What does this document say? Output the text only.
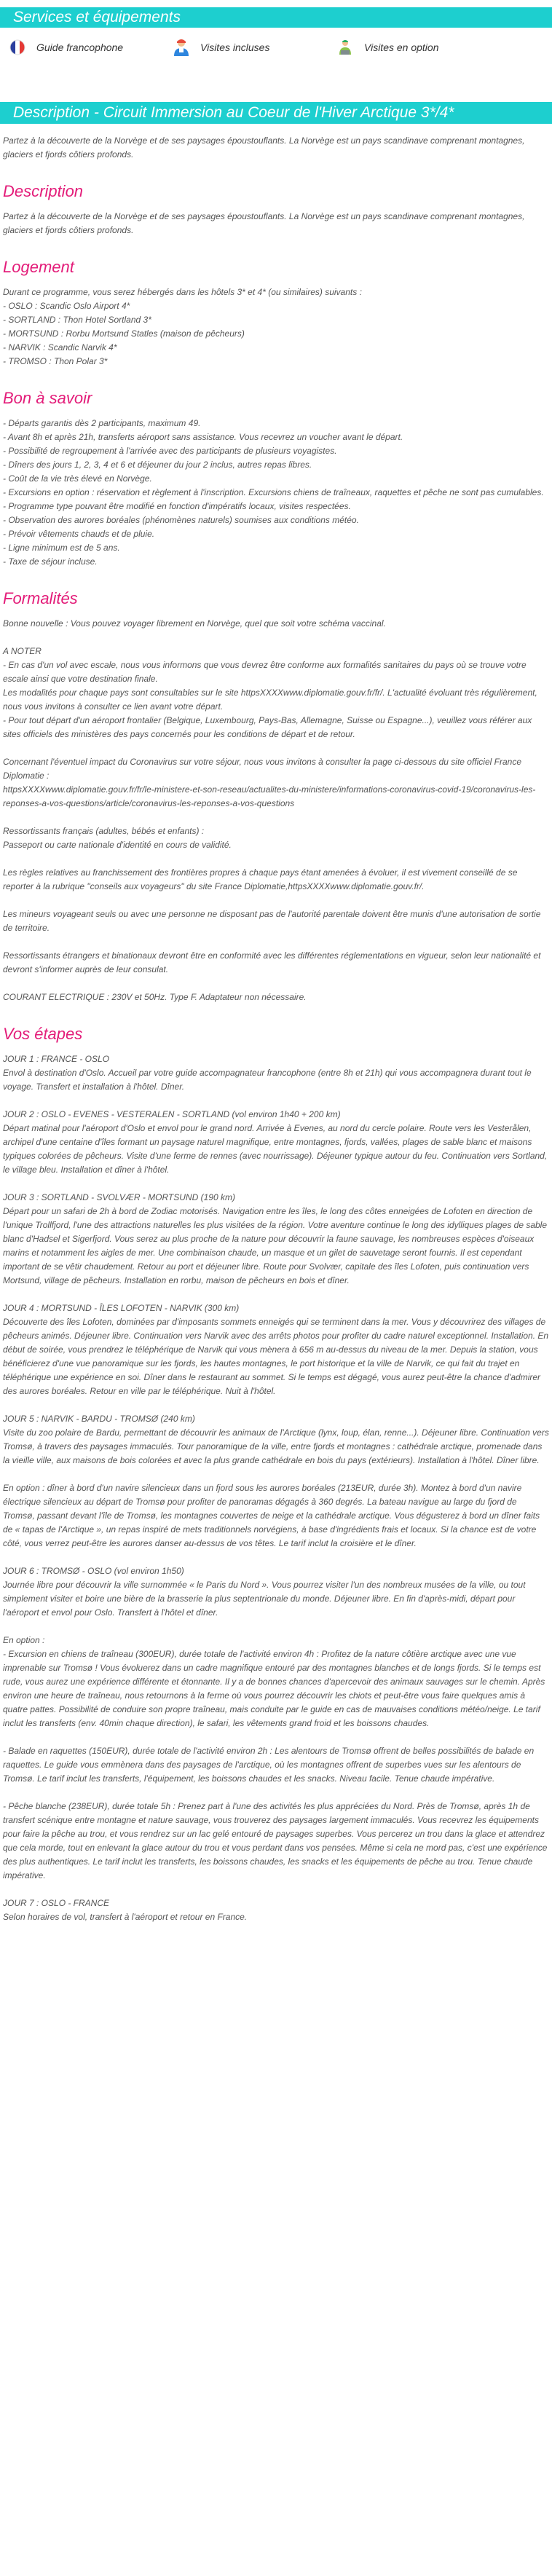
Services et équipements
Guide francophone	Visites incluses	Visites en option
Description - Circuit Immersion au Coeur de l'Hiver Arctique 3*/4*

Partez à la découverte de la Norvège et de ses paysages époustouflants. La Norvège est un pays scandinave comprenant montagnes, glaciers et fjords côtiers profonds.

Description

Partez à la découverte de la Norvège et de ses paysages époustouflants. La Norvège est un pays scandinave comprenant montagnes, glaciers et fjords côtiers profonds.

Logement

Durant ce programme, vous serez hébergés dans les hôtels 3* et 4* (ou similaires) suivants :

- OSLO : Scandic Oslo Airport 4*

- SORTLAND : Thon Hotel Sortland 3*

- MORTSUND : Rorbu Mortsund Statles (maison de pêcheurs)

- NARVIK : Scandic Narvik 4*

- TROMSO : Thon Polar 3*

Bon à savoir

- Départs garantis dès 2 participants, maximum 49.

- Avant 8h et après 21h, transferts aéroport sans assistance. Vous recevrez un voucher avant le départ.

- Possibilité de regroupement à l'arrivée avec des participants de plusieurs voyagistes.

- Dîners des jours 1, 2, 3, 4 et 6 et déjeuner du jour 2 inclus, autres repas libres.

- Coût de la vie très élevé en Norvège.

- Excursions en option : réservation et règlement à l'inscription. Excursions chiens de traîneaux, raquettes et pêche ne sont pas cumulables.

- Programme type pouvant être modifié en fonction d'impératifs locaux, visites respectées.

- Observation des aurores boréales (phénomènes naturels) soumises aux conditions météo.

- Prévoir vêtements chauds et de pluie.

- Ligne minimum est de 5 ans.

- Taxe de séjour incluse.

Formalités

Bonne nouvelle : Vous pouvez voyager librement en Norvège, quel que soit votre schéma vaccinal.

A NOTER

- En cas d'un vol avec escale, nous vous informons que vous devrez être conforme aux formalités sanitaires du pays où se trouve votre escale ainsi que votre destination finale.

Les modalités pour chaque pays sont consultables sur le site httpsXXXXwww.diplomatie.gouv.fr/fr/. L'actualité évoluant très régulièrement, nous vous invitons à consulter ce lien avant votre départ.

- Pour tout départ d'un aéroport frontalier (Belgique, Luxembourg, Pays-Bas, Allemagne, Suisse ou Espagne...), veuillez vous référer aux sites officiels des ministères des pays concernés pour les conditions de départ et de retour.

Concernant l'éventuel impact du Coronavirus sur votre séjour, nous vous invitons à consulter la page ci-dessous du site officiel France Diplomatie :

httpsXXXXwww.diplomatie.gouv.fr/fr/le-ministere-et-son-reseau/actualites-du-ministere/informations-coronavirus-covid-19/coronavirus-les-reponses-a-vos-questions/article/coronavirus-les-reponses-a-vos-questions

Ressortissants français (adultes, bébés et enfants) :

Passeport ou carte nationale d'identité en cours de validité.

Les règles relatives au franchissement des frontières propres à chaque pays étant amenées à évoluer, il est vivement conseillé de se reporter à la rubrique "conseils aux voyageurs" du site France Diplomatie,httpsXXXXwww.diplomatie.gouv.fr/.

Les mineurs voyageant seuls ou avec une personne ne disposant pas de l'autorité parentale doivent être munis d'une autorisation de sortie de territoire.

Ressortissants étrangers et binationaux devront être en conformité avec les différentes réglementations en vigueur, selon leur nationalité et devront s'informer auprès de leur consulat.

COURANT ELECTRIQUE : 230V et 50Hz. Type F. Adaptateur non nécessaire.

Vos étapes

JOUR 1 : FRANCE - OSLO

Envol à destination d'Oslo. Accueil par votre guide accompagnateur francophone (entre 8h et 21h) qui vous accompagnera durant tout le voyage. Transfert et installation à l'hôtel. Dîner.

JOUR 2 : OSLO - EVENES - VESTERALEN - SORTLAND (vol environ 1h40 + 200 km)

Départ matinal pour l'aéroport d'Oslo et envol pour le grand nord. Arrivée à Evenes, au nord du cercle polaire. Route vers les Vesterålen, archipel d'une centaine d'îles formant un paysage naturel magnifique, entre montagnes, fjords, vallées, plages de sable blanc et maisons typiques colorées de pêcheurs. Visite d'une ferme de rennes (avec nourrissage). Déjeuner typique autour du feu. Continuation vers Sortland, le village bleu. Installation et dîner à l'hôtel.

JOUR 3 : SORTLAND - SVOLVÆR - MORTSUND (190 km)

Départ pour un safari de 2h à bord de Zodiac motorisés. Navigation entre les îles, le long des côtes enneigées de Lofoten en direction de l'unique Trollfjord, l'une des attractions naturelles les plus visitées de la région. Votre aventure continue le long des idylliques plages de sable blanc d'Hadsel et Sigerfjord. Vous serez au plus proche de la nature pour découvrir la faune sauvage, les nombreuses espèces d'oiseaux marins et notamment les aigles de mer. Une combinaison chaude, un masque et un gilet de sauvetage seront fournis. Il est cependant important de se vêtir chaudement. Retour au port et déjeuner libre. Route pour Svolvær, capitale des îles Lofoten, puis continuation vers Mortsund, village de pêcheurs. Installation en rorbu, maison de pêcheurs en bois et dîner.

JOUR 4 : MORTSUND - ÎLES LOFOTEN - NARVIK (300 km)

Découverte des îles Lofoten, dominées par d'imposants sommets enneigés qui se terminent dans la mer. Vous y découvrirez des villages de pêcheurs animés. Déjeuner libre. Continuation vers Narvik avec des arrêts photos pour profiter du cadre naturel exceptionnel. Installation. En début de soirée, vous prendrez le téléphérique de Narvik qui vous mènera à 656 m au-dessus du niveau de la mer. Depuis la station, vous bénéficierez d'une vue panoramique sur les fjords, les hautes montagnes, le port historique et la ville de Narvik, ce qui fait du trajet en téléphérique une expérience en soi. Dîner dans le restaurant au sommet. Si le temps est dégagé, vous aurez peut-être la chance d'admirer des aurores boréales. Retour en ville par le téléphérique. Nuit à l'hôtel.

JOUR 5 : NARVIK - BARDU - TROMSØ (240 km)

Visite du zoo polaire de Bardu, permettant de découvrir les animaux de l'Arctique (lynx, loup, élan, renne...). Déjeuner libre. Continuation vers Tromsø, à travers des paysages immaculés. Tour panoramique de la ville, entre fjords et montagnes : cathédrale arctique, promenade dans la vieille ville, aux maisons de bois colorées et avec la plus grande cathédrale en bois du pays (extérieurs). Installation à l'hôtel. Dîner libre.

En option : dîner à bord d'un navire silencieux dans un fjord sous les aurores boréales (213EUR, durée 3h). Montez à bord d'un navire électrique silencieux au départ de Tromsø pour profiter de panoramas dégagés à 360 degrés. La bateau navigue au large du fjord de Tromsø, passant devant l'île de Tromsø, les montagnes couvertes de neige et la cathédrale arctique. Vous dégusterez à bord un dîner faits de « tapas de l'Arctique », un repas inspiré de mets traditionnels norvégiens, à base d'ingrédients frais et locaux. Si la chance est de votre côté, vous verrez peut-être les aurores danser au-dessus de vos têtes. Le tarif inclut la croisière et le dîner.

JOUR 6 : TROMSØ - OSLO (vol environ 1h50)

Journée libre pour découvrir la ville surnommée « le Paris du Nord ». Vous pourrez visiter l'un des nombreux musées de la ville, ou tout simplement visiter et boire une bière de la brasserie la plus septentrionale du monde. Déjeuner libre. En fin d'après-midi, départ pour l'aéroport et envol pour Oslo. Transfert à l'hôtel et dîner.

En option :

- Excursion en chiens de traîneau (300EUR), durée totale de l'activité environ 4h : Profitez de la nature côtière arctique avec une vue imprenable sur Tromsø ! Vous évoluerez dans un cadre magnifique entouré par des montagnes blanches et de longs fjords. Si le temps est rude, vous aurez une expérience différente et étonnante. Il y a de bonnes chances d'apercevoir des animaux sauvages sur le chemin. Après environ une heure de traîneau, nous retournons à la ferme où vous pourrez découvrir les chiots et peut-être vous faire quelques amis à quatre pattes. Possibilité de conduire son propre traîneau, mais conduite par le guide en cas de mauvaises conditions météo/neige. Le tarif inclut les transferts (env. 40min chaque direction), le safari, les vêtements grand froid et les boissons chaudes.

- Balade en raquettes (150EUR), durée totale de l'activité environ 2h : Les alentours de Tromsø offrent de belles possibilités de balade en raquettes. Le guide vous emmènera dans des paysages de l'arctique, où les montagnes offrent de superbes vues sur les alentours de Tromsø. Le tarif inclut les transferts, l'équipement, les boissons chaudes et les snacks. Niveau facile. Tenue chaude impérative.

- Pêche blanche (238EUR), durée totale 5h : Prenez part à l'une des activités les plus appréciées du Nord. Près de Tromsø, après 1h de transfert scénique entre montagne et nature sauvage, vous trouverez des paysages largement immaculés. Vous recevrez les équipements pour faire la pêche au trou, et vous rendrez sur un lac gelé entouré de paysages superbes. Vous percerez un trou dans la glace et attendrez que cela morde, tout en enlevant la glace autour du trou et vous perdant dans vos pensées. Même si cela ne mord pas, c'est une expérience des plus authentiques. Le tarif inclut les transferts, les boissons chaudes, les snacks et les équipements de pêche au trou. Tenue chaude impérative.

JOUR 7 : OSLO - FRANCE

Selon horaires de vol, transfert à l'aéroport et retour en France.
